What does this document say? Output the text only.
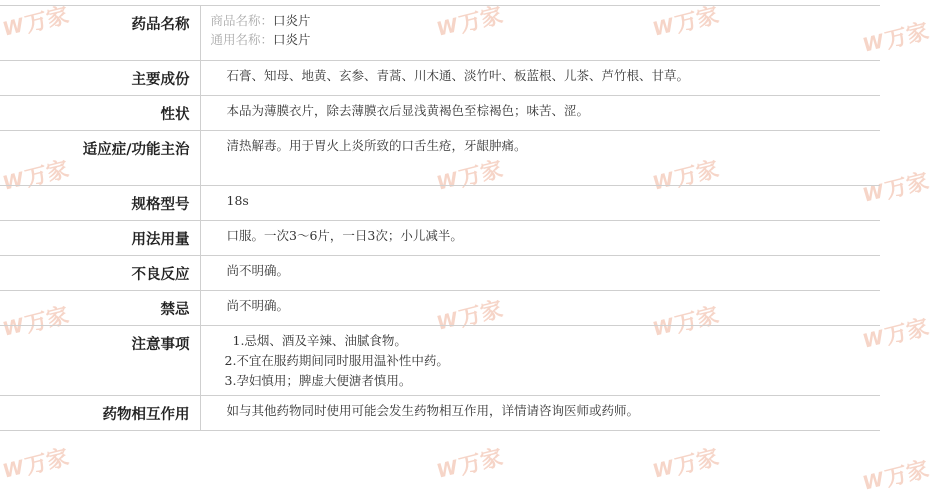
W
万家	W
万家	W
万家
W
万家
W
万家	W
万家	W
万家
W
万家
W
万家	W
万家	W
万家
W
万家
W
万家	W
万家	W
万家
W
万家
药品名称	商品名称：口炎片
通用名称：口炎片

主要成份	石膏、知母、地黄、玄参、青蒿、川木通、淡竹叶、板蓝根、儿茶、芦竹根、甘草。
性状	本品为薄膜衣片，除去薄膜衣后显浅黄褐色至棕褐色；味苦、涩。
适应症/功能主治	清热解毒。用于胃火上炎所致的口舌生疮，牙龈肿痛。
规格型号	18s
用法用量	口服。一次3～6片，一日3次；小儿减半。
不良反应	尚不明确。
禁忌	尚不明确。
注意事项	1.忌烟、酒及辛辣、油腻食物。
2.不宜在服药期间同时服用温补性中药。
3.孕妇慎用；脾虚大便溏者慎用。

药物相互作用	如与其他药物同时使用可能会发生药物相互作用，详情请咨询医师或药师。
